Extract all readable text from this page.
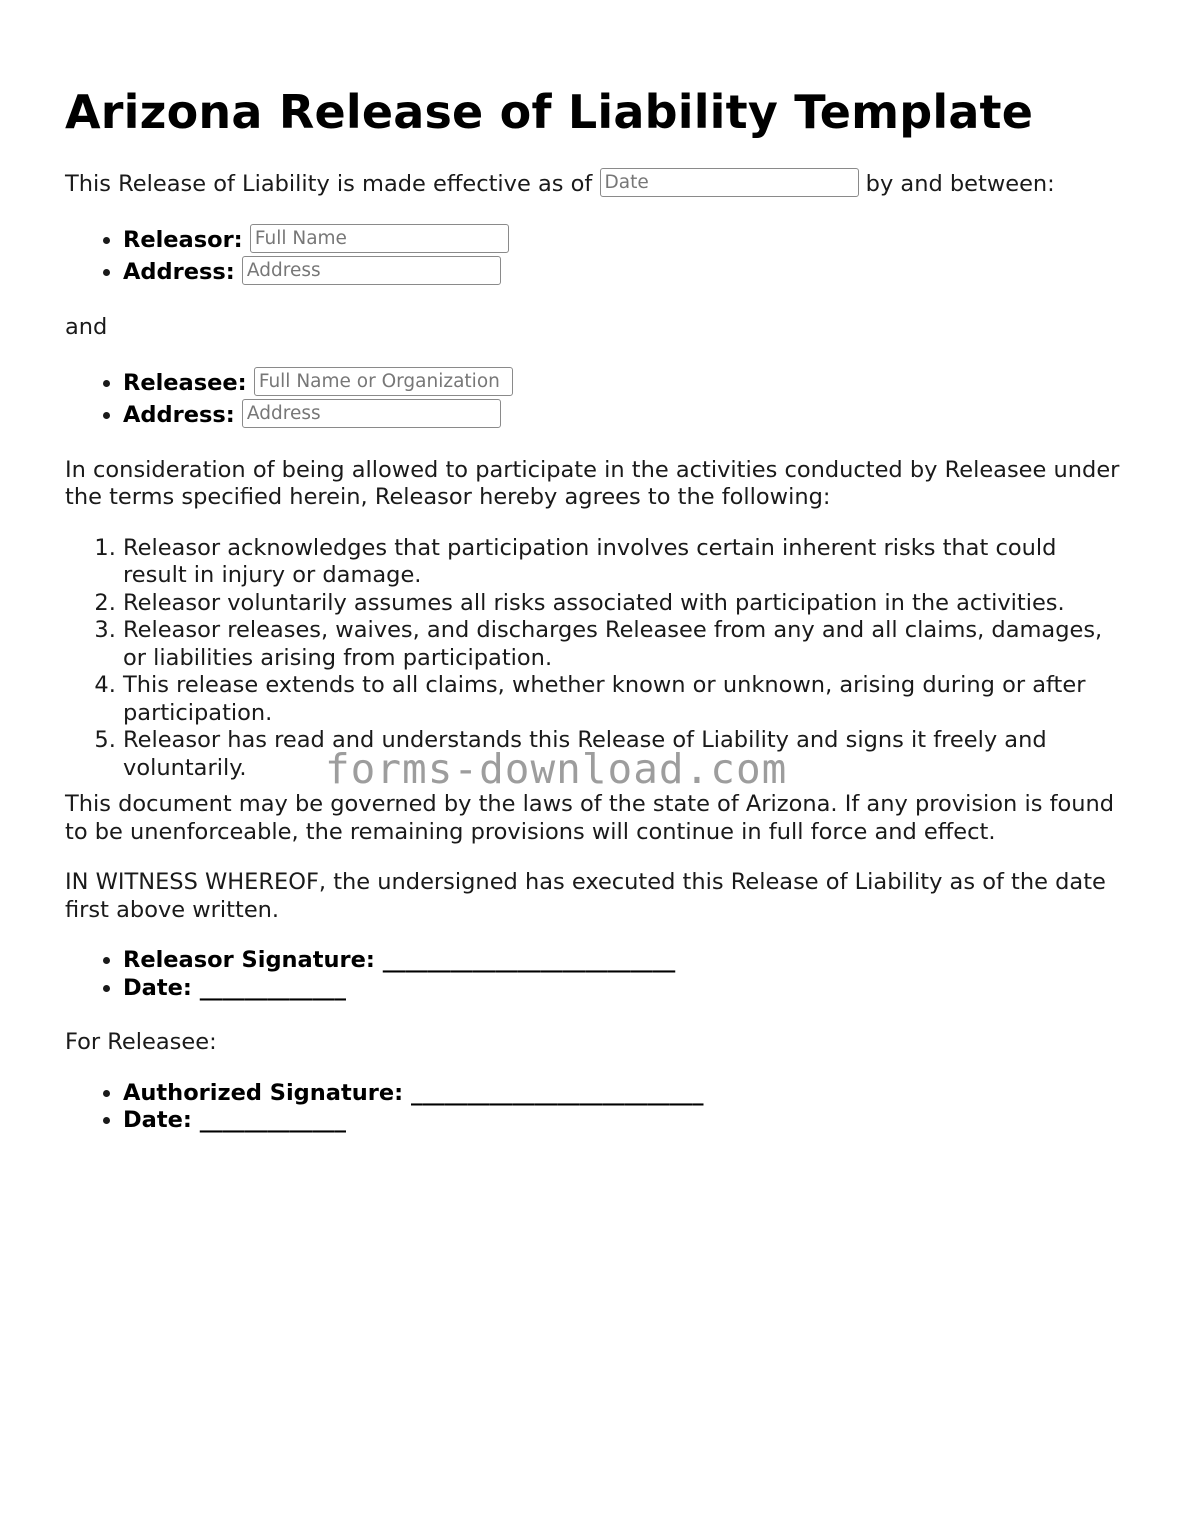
Arizona Release of Liability Template

This Release of Liability is made effective as of Date	by and between:

• Releasor: Full Name
• Address: Address

and

• Releasee: Full Name or Organization
• Address: Address

In consideration of being allowed to participate in the activities conducted by Releasee under the terms specified herein, Releasor hereby agrees to the following:

1. Releasor acknowledges that participation involves certain inherent risks that could result in injury or damage.
2. Releasor voluntarily assumes all risks associated with participation in the activities.
3. Releasor releases, waives, and discharges Releasee from any and all claims, damages, or liabilities arising from participation.
4. This release extends to all claims, whether known or unknown, arising during or after participation.
5. Releasor has read and understands this Release of Liability and signs it freely and voluntarily.

This document may be governed by the laws of the state of Arizona. If any provision is found to be unenforceable, the remaining provisions will continue in full force and effect.

IN WITNESS WHEREOF, the undersigned has executed this Release of Liability as of the date first above written.

• Releasor Signature: __________________________
• Date: _____________

For Releasee:

• Authorized Signature: __________________________
• Date: _____________
forms-download.com
